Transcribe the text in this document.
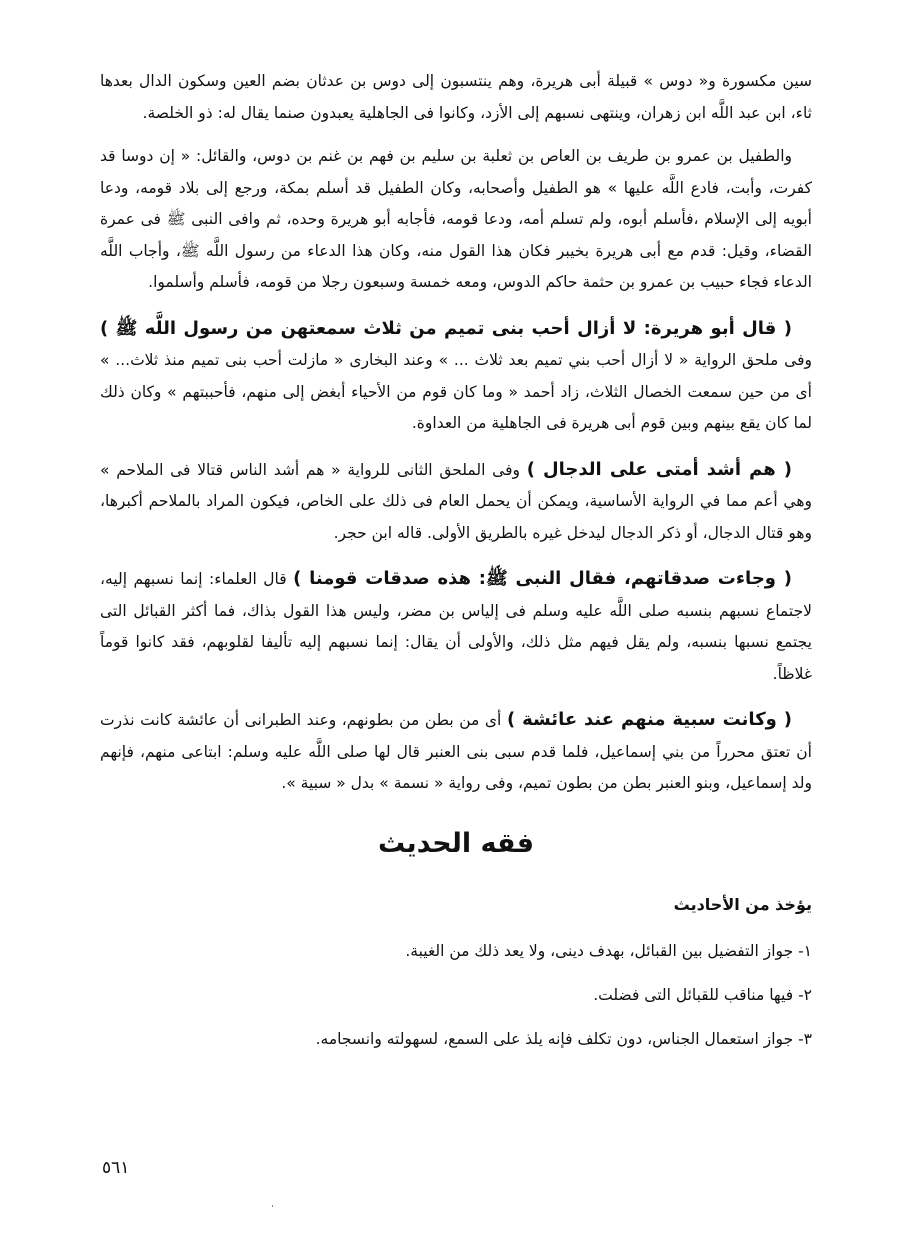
سين مكسورة و« دوس » قبيلة أبى هريرة، وهم ينتسبون إلى دوس بن عدثان بضم العين وسكون الدال بعدها ثاء، ابن عبد اللَّه ابن زهران، وينتهى نسبهم إلى الأزد، وكانوا فى الجاهلية يعبدون صنما يقال له: ذو الخلصة.

والطفيل بن عمرو بن طريف بن العاص بن ثعلبة بن سليم بن فهم بن غنم بن دوس، والقائل: « إن دوسا قد كفرت، وأبت، فادع اللَّه عليها » هو الطفيل وأصحابه، وكان الطفيل قد أسلم بمكة، ورجع إلى بلاد قومه، ودعا أبويه إلى الإسلام ،فأسلم أبوه، ولم تسلم أمه، ودعا قومه، فأجابه أبو هريرة وحده، ثم وافى النبى ﷺ فى عمرة القضاء، وقيل: قدم مع أبى هريرة بخيبر فكان هذا القول منه، وكان هذا الدعاء من رسول اللَّه ﷺ، وأجاب اللَّه الدعاء فجاء حبيب بن عمرو بن حثمة حاكم الدوس، ومعه خمسة وسبعون رجلا من قومه، فأسلم وأسلموا.

( قال أبو هريرة: لا أزال أحب بنى تميم من ثلاث سمعتهن من رسول اللَّه ﷺ ) وفى ملحق الرواية « لا أزال أحب بني تميم بعد ثلاث ... » وعند البخارى « مازلت أحب بنى تميم منذ ثلاث... » أى من حين سمعت الخصال الثلاث، زاد أحمد « وما كان قوم من الأحياء أبغض إلى منهم، فأحببتهم » وكان ذلك لما كان يقع بينهم وبين قوم أبى هريرة فى الجاهلية من العداوة.

( هم أشد أمتى على الدجال ) وفى الملحق الثانى للرواية « هم أشد الناس قتالا فى الملاحم » وهي أعم مما في الرواية الأساسية، ويمكن أن يحمل العام فى ذلك على الخاص، فيكون المراد بالملاحم أكبرها، وهو قتال الدجال، أو ذكر الدجال ليدخل غيره بالطريق الأولى. قاله ابن حجر.

( وجاءت صدقاتهم، فقال النبى ﷺ: هذه صدقات قومنا ) قال العلماء: إنما نسبهم إليه، لاجتماع نسبهم بنسبه صلى اللَّه عليه وسلم فى إلياس بن مضر، وليس هذا القول بذاك، فما أكثر القبائل التى يجتمع نسبها بنسبه، ولم يقل فيهم مثل ذلك، والأولى أن يقال: إنما نسبهم إليه تأليفا لقلوبهم، فقد كانوا قوماً غلاظاً.

( وكانت سبية منهم عند عائشة ) أى من بطن من بطونهم، وعند الطبرانى أن عائشة كانت نذرت أن تعتق محرراً من بني إسماعيل، فلما قدم سبى بنى العنبر قال لها صلى اللَّه عليه وسلم: ابتاعى منهم، فإنهم ولد إسماعيل، وبنو العنبر بطن من بطون تميم، وفى رواية « نسمة » بدل « سبية ».

فقه الحديث
يؤخذ من الأحاديث

١- جواز التفضيل بين القبائل، بهدف دينى، ولا يعد ذلك من الغيبة.

٢- فيها مناقب للقبائل التى فضلت.

٣- جواز استعمال الجناس، دون تكلف فإنه يلذ على السمع، لسهولته وانسجامه.

٥٦١
